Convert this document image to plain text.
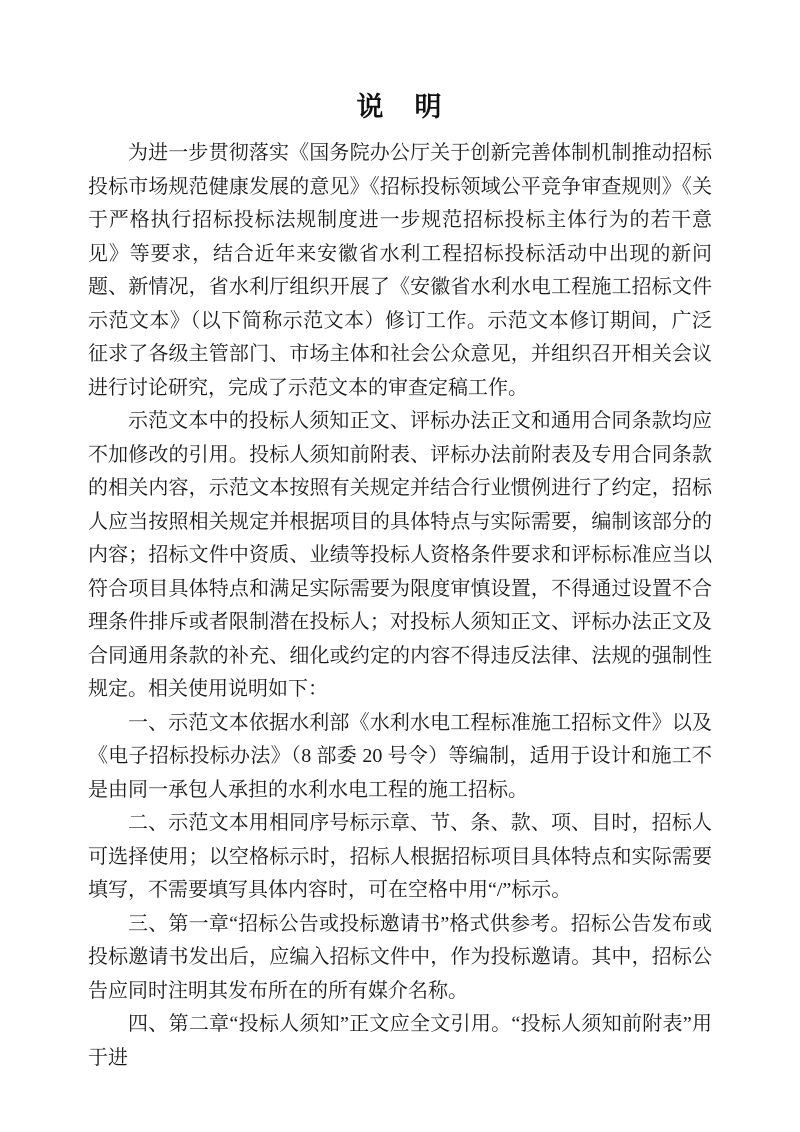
说　明

为进一步贯彻落实《国务院办公厅关于创新完善体制机制推动招标投标市场规范健康发展的意见》《招标投标领域公平竞争审查规则》《关于严格执行招标投标法规制度进一步规范招标投标主体行为的若干意见》等要求，结合近年来安徽省水利工程招标投标活动中出现的新问题、新情况，省水利厅组织开展了《安徽省水利水电工程施工招标文件示范文本》（以下简称示范文本）修订工作。示范文本修订期间，广泛征求了各级主管部门、市场主体和社会公众意见，并组织召开相关会议进行讨论研究，完成了示范文本的审查定稿工作。

示范文本中的投标人须知正文、评标办法正文和通用合同条款均应不加修改的引用。投标人须知前附表、评标办法前附表及专用合同条款的相关内容，示范文本按照有关规定并结合行业惯例进行了约定，招标人应当按照相关规定并根据项目的具体特点与实际需要，编制该部分的内容；招标文件中资质、业绩等投标人资格条件要求和评标标准应当以符合项目具体特点和满足实际需要为限度审慎设置，不得通过设置不合理条件排斥或者限制潜在投标人；对投标人须知正文、评标办法正文及合同通用条款的补充、细化或约定的内容不得违反法律、法规的强制性规定。相关使用说明如下：

一、示范文本依据水利部《水利水电工程标准施工招标文件》以及《电子招标投标办法》（8 部委 20 号令）等编制，适用于设计和施工不是由同一承包人承担的水利水电工程的施工招标。

二、示范文本用相同序号标示章、节、条、款、项、目时，招标人可选择使用；以空格标示时，招标人根据招标项目具体特点和实际需要填写，不需要填写具体内容时，可在空格中用“/”标示。

三、第一章“招标公告或投标邀请书”格式供参考。招标公告发布或投标邀请书发出后，应编入招标文件中，作为投标邀请。其中，招标公告应同时注明其发布所在的所有媒介名称。

四、第二章“投标人须知”正文应全文引用。“投标人须知前附表”用于进
